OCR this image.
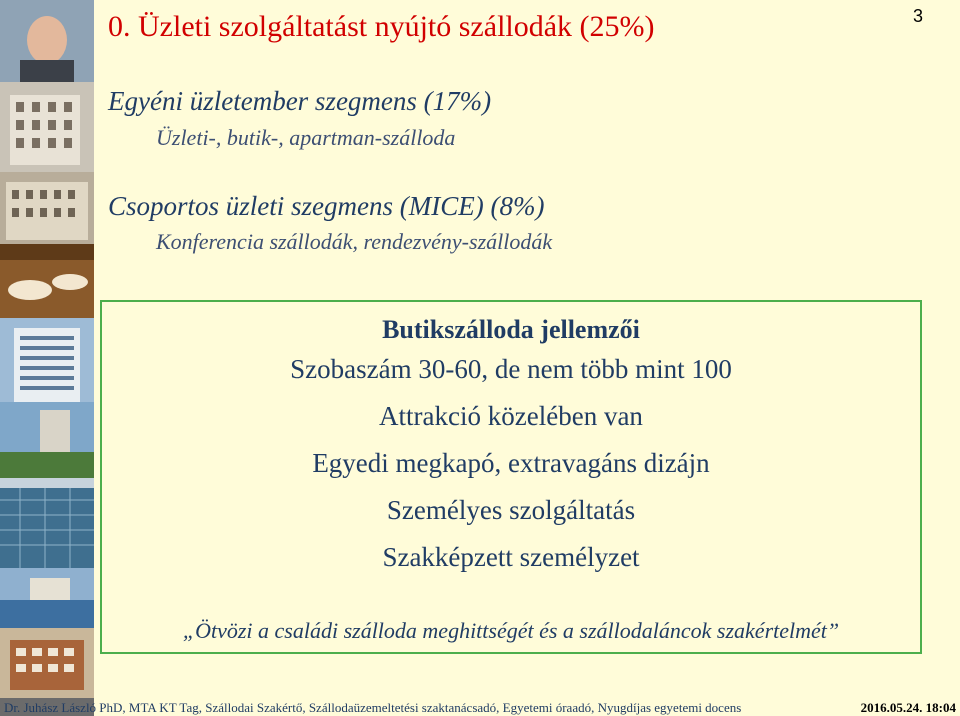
0. Üzleti szolgáltatást nyújtó szállodák (25%)	3
Egyéni üzletember szegmens (17%)
Üzleti-, butik-, apartman-szálloda
Csoportos üzleti szegmens (MICE) (8%)
Konferencia szállodák, rendezvény-szállodák
Butikszálloda jellemzői
Szobaszám 30-60, de nem több mint 100
Attrakció közelében van
Egyedi megkapó, extravagáns dizájn
Személyes szolgáltatás
Szakképzett személyzet
„Ötvözi a családi szálloda meghittségét és a szállodaláncok szakértelmét”
Dr. Juhász László PhD, MTA KT Tag, Szállodai Szakértő, Szállodaüzemeltetési szaktanácsadó, Egyetemi óraadó, Nyugdíjas egyetemi docens	2016.05.24. 18:04
